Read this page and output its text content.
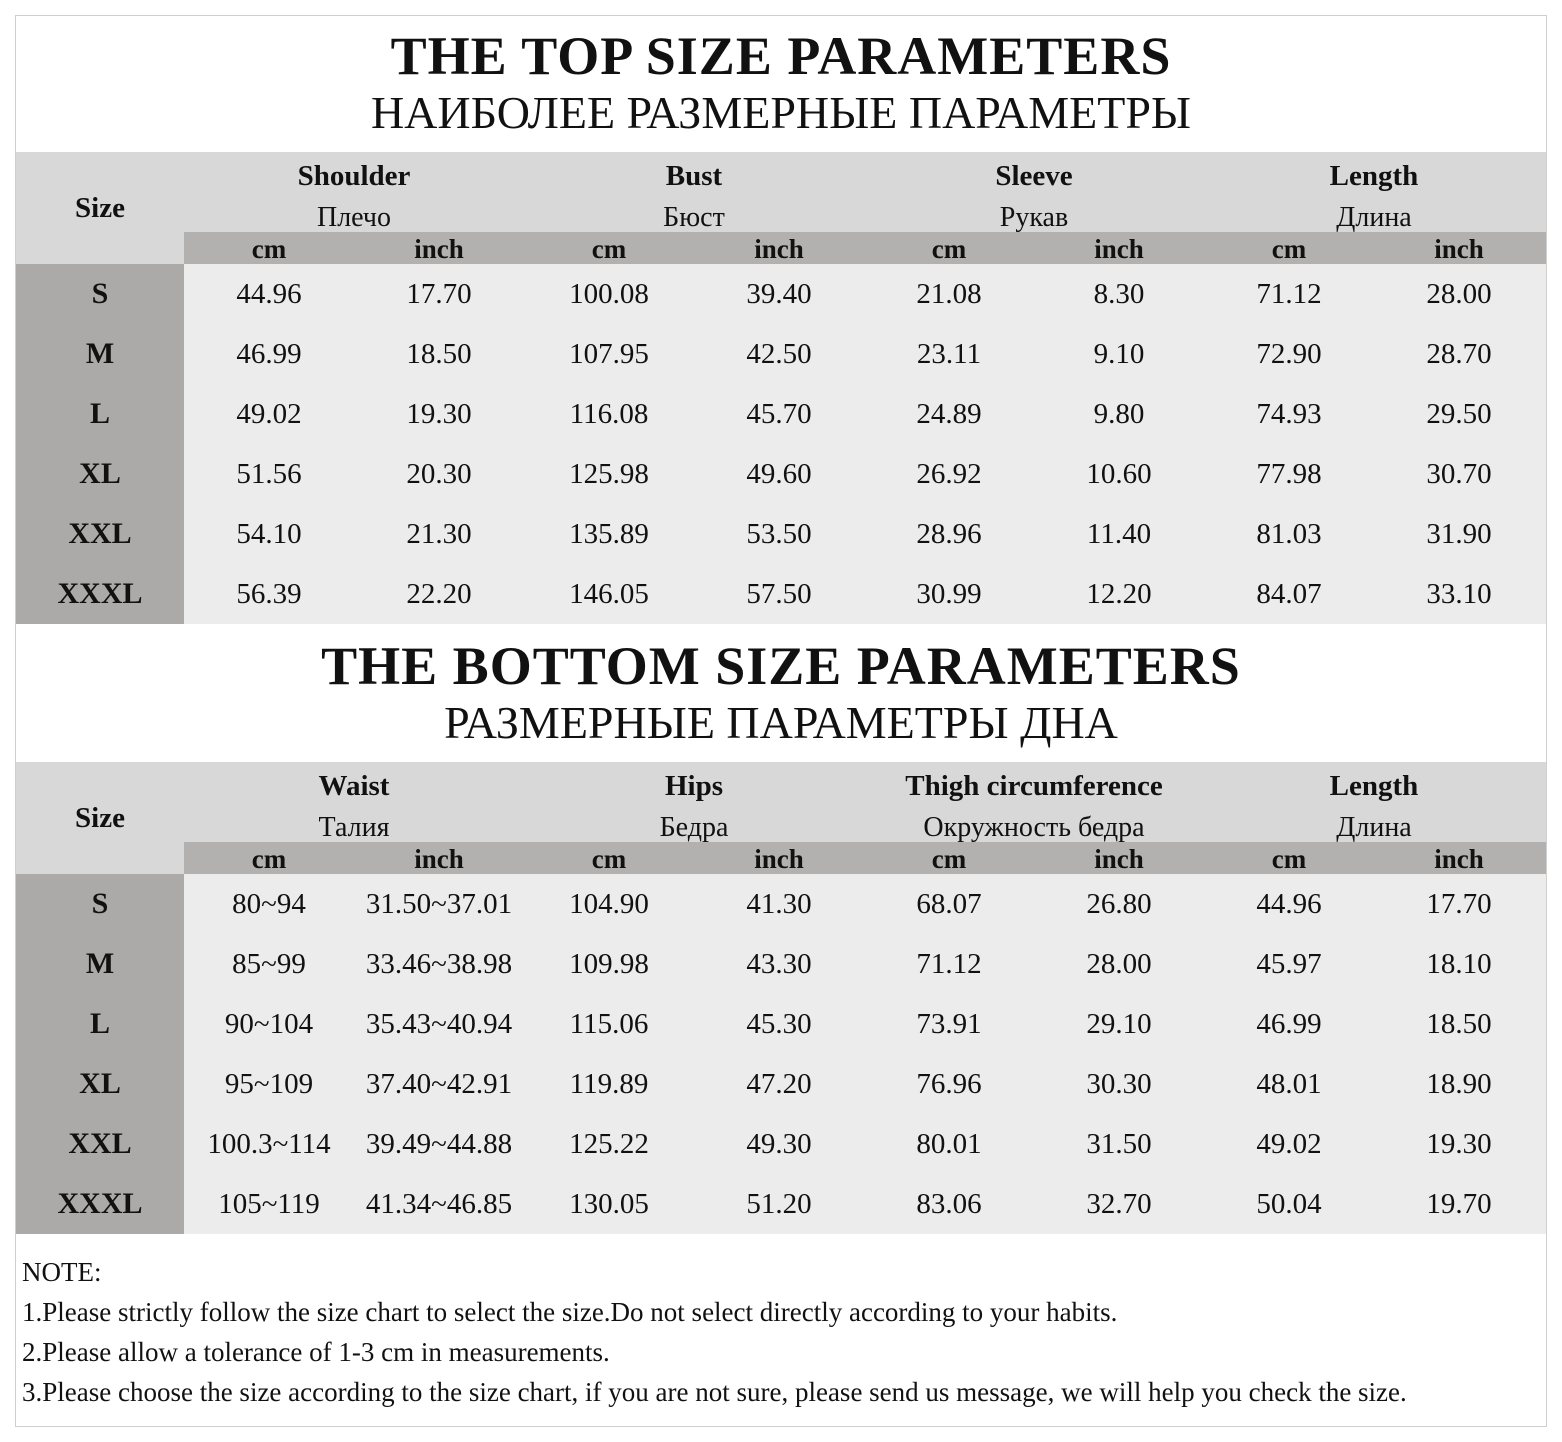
THE TOP SIZE PARAMETERS
НАИБОЛЕЕ РАЗМЕРНЫЕ ПАРАМЕТРЫ
Size
Shoulder
Плечо
Bust
Бюст
Sleeve
Рукав
Length
Длина
cm	inch	cm	inch	cm	inch	cm	inch
S	44.96	17.70	100.08	39.40	21.08	8.30	71.12	28.00
M	46.99	18.50	107.95	42.50	23.11	9.10	72.90	28.70
L	49.02	19.30	116.08	45.70	24.89	9.80	74.93	29.50
XL	51.56	20.30	125.98	49.60	26.92	10.60	77.98	30.70
XXL	54.10	21.30	135.89	53.50	28.96	11.40	81.03	31.90
XXXL	56.39	22.20	146.05	57.50	30.99	12.20	84.07	33.10
THE BOTTOM SIZE PARAMETERS
РАЗМЕРНЫЕ ПАРАМЕТРЫ ДНА
Size
Waist
Талия
Hips
Бедра
Thigh circumference
Окружность бедра
Length
Длина
cm	inch	cm	inch	cm	inch	cm	inch
S	80~94	31.50~37.01	104.90	41.30	68.07	26.80	44.96	17.70
M	85~99	33.46~38.98	109.98	43.30	71.12	28.00	45.97	18.10
L	90~104	35.43~40.94	115.06	45.30	73.91	29.10	46.99	18.50
XL	95~109	37.40~42.91	119.89	47.20	76.96	30.30	48.01	18.90
XXL	100.3~114	39.49~44.88	125.22	49.30	80.01	31.50	49.02	19.30
XXXL	105~119	41.34~46.85	130.05	51.20	83.06	32.70	50.04	19.70
NOTE:
1.Please strictly follow the size chart to select the size.Do not select directly according to your habits.
2.Please allow a tolerance of 1-3 cm in measurements.
3.Please choose the size according to the size chart, if you are not sure, please send us message, we will help you check the size.
